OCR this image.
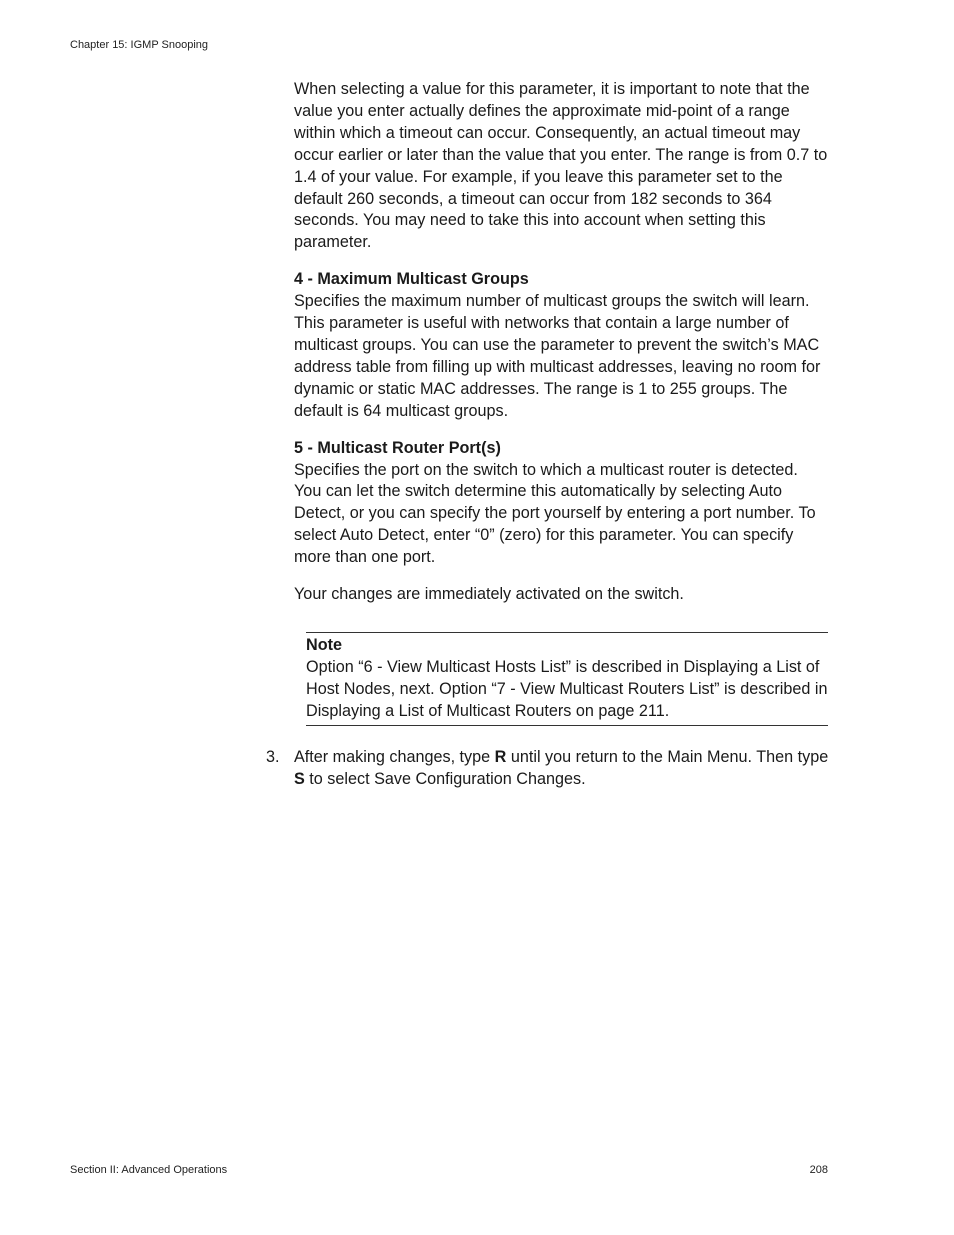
Chapter 15: IGMP Snooping

When selecting a value for this parameter, it is important to note that the value you enter actually defines the approximate mid-point of a range within which a timeout can occur. Consequently, an actual timeout may occur earlier or later than the value that you enter. The range is from 0.7 to 1.4 of your value. For example, if you leave this parameter set to the default 260 seconds, a timeout can occur from 182 seconds to 364 seconds. You may need to take this into account when setting this parameter.

4 - Maximum Multicast Groups

Specifies the maximum number of multicast groups the switch will learn. This parameter is useful with networks that contain a large number of multicast groups. You can use the parameter to prevent the switch’s MAC address table from filling up with multicast addresses, leaving no room for dynamic or static MAC addresses. The range is 1 to 255 groups. The default is 64 multicast groups.

5 - Multicast Router Port(s)

Specifies the port on the switch to which a multicast router is detected. You can let the switch determine this automatically by selecting Auto Detect, or you can specify the port yourself by entering a port number. To select Auto Detect, enter “0” (zero) for this parameter. You can specify more than one port.

Your changes are immediately activated on the switch.

Note

Option “6 - View Multicast Hosts List” is described in Displaying a List of Host Nodes, next. Option “7 - View Multicast Routers List” is described in Displaying a List of Multicast Routers on page 211.

3. After making changes, type R until you return to the Main Menu. Then type S to select Save Configuration Changes.
Section II: Advanced Operations	208
